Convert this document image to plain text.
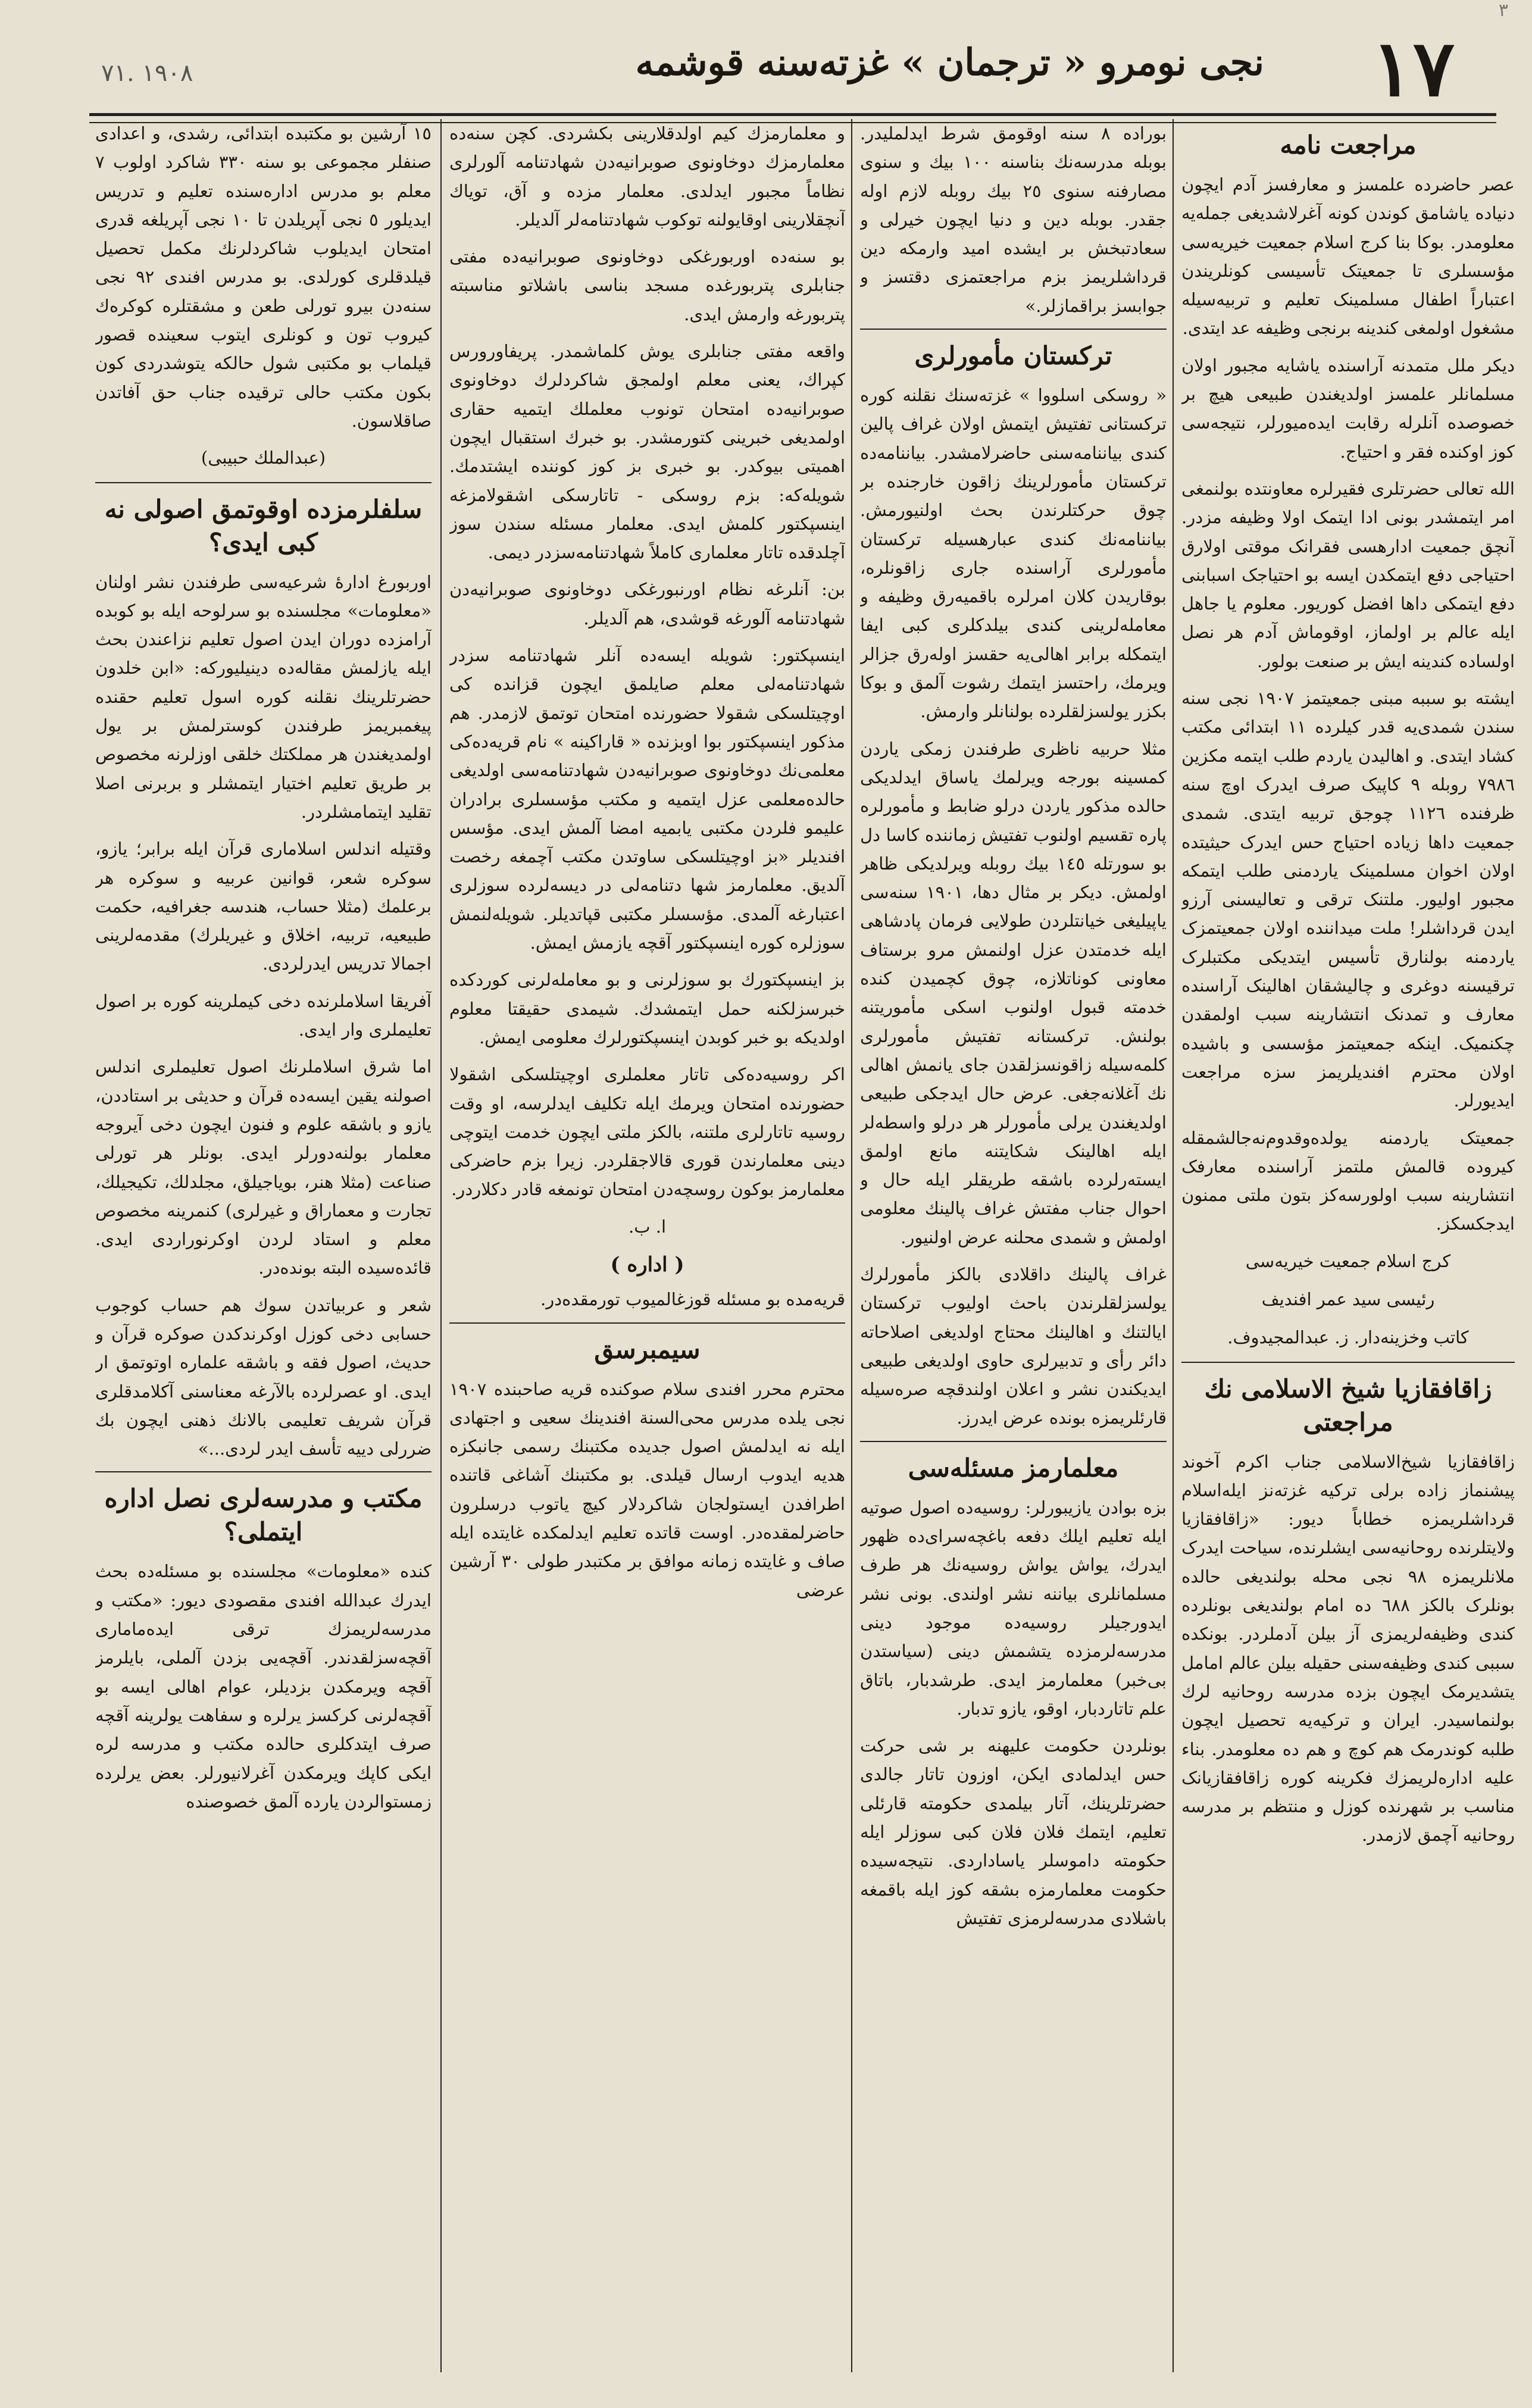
١٧
نجی نومرو « ترجمان » غزته‌سنه قوشمه
١٩٠٨ .٧١
٣
مراجعت نامه

عصر حاضرده علمسز و معارفسز آدم ایچون دنیاده یاشامق کوندن کونه آغرلاشدیغی جمله‌یه معلومدر. بوکا بنا کرج اسلام جمعیت خیریه‌سی مؤسسلری تا جمعیتک تأسیسی کونلریندن اعتباراً اطفال مسلمینک تعلیم و تربیه‌سیله مشغول اولمغی کندینه برنجی وظیفه عد ایتدی.

دیکر ملل متمدنه آراسنده یاشایه مجبور اولان مسلمانلر علمسز اولدیغندن طبیعی هیچ بر خصوصده آنلرله رقابت ایده‌میورلر، نتیجه‌سی کوز اوکنده فقر و احتیاج.

الله تعالی حضرتلری فقیرلره معاونتده بولنمغی امر ایتمشدر بونی ادا ایتمک اولا وظیفه مزدر. آنچق جمعیت ادارهسی فقرانک موقتی اولارق احتیاجی دفع ایتمکدن ایسه بو احتیاجک اسبابنی دفع ایتمکی داها افضل کوریور. معلوم یا جاهل ایله عالم بر اولماز، اوقوماش آدم هر نصل اولساده کندینه ایش بر صنعت بولور.

ایشته بو سببه مبنی جمعیتمز ١٩٠٧ نجی سنه سندن شمدی‌یه قدر کیلرده ١١ ابتدائی مکتب کشاد ایتدی. و اهالیدن یاردم طلب ایتمه مکزین ٧٩٨٦ روبله ٩ کاپیک صرف ایدرک اوچ سنه ظرفنده ١١٢٦ چوجق تربیه ایتدی. شمدی جمعیت داها زیاده احتیاج حس ایدرک حیثیتده اولان اخوان مسلمینک یاردمنی طلب ایتمکه مجبور اولیور. ملتنک ترقی و تعالیسنی آرزو ایدن قرداشلر! ملت میداننده اولان جمعیتمزک یاردمنه بولنارق تأسیس ایتدیکی مکتبلرک ترقیسنه دوغری و چالیشقان اهالینک آراسنده معارف و تمدنک انتشارینه سبب اولمقدن چکنمیک. اینکه جمعیتمز مؤسسی و باشیده اولان محترم افندیلریمز سزه مراجعت ایدیورلر.

جمعیتک یاردمنه یولده‌وقدوم‌نه‌جالشمقله کیروده قالمش ملتمز آراسنده معارفک انتشارینه سبب اولورسه‌کز بتون ملتی ممنون ایدجکسکز.

کرج اسلام جمعیت خیریه‌سی
رئیسی سید عمر افندیف
کاتب وخزینه‌دار. ز. عبدالمجیدوف.
زاقافقازیا شیخ الاسلامی نك مراجعتی

زاقافقازیا شیخ‌الاسلامی جناب اکرم آخوند پیشنماز زاده برلی ترکیه غزته‌نز ایله‌اسلام قرداشلریمزه خطاباً دیور: «زاقافقازیا ولایتلرنده روحانیه‌سی ایشلرنده، سیاحت ایدرک ملانلریمزه ٩٨ نجی محله بولندیغی حالده بونلرک بالکز ٦٨٨ ده امام بولندیغی بونلرده کندی وظیفه‌لریمزی آز بیلن آدملردر. بونکده سببی کندی وظیفه‌سنی حقیله بیلن عالم امامل یتشدیرمک ایچون بزده مدرسه روحانیه لرك بولنماسیدر. ایران و ترکیه‌یه تحصیل ایچون طلبه کوندرمک هم کوچ و هم ده معلومدر. بناء علیه اداره‌لریمزك فکرینه کوره زاقافقازیانک مناسب بر شهرنده کوزل و منتظم بر مدرسه روحانیه آچمق لازمدر.

بورادە ٨ سنه اوقومق شرط ایدلمليدر. بوبله مدرسه‌نك بناسنه ١٠٠ بیك و سنوی مصارفنه سنوی ٢٥ بیك روبله لازم اوله جقدر. بوبله دین و دنیا ایچون خیرلی و سعادتبخش بر ایشده امید وارمکه دین قرداشلریمز بزم مراجعتمزی دقتسز و جوابسز براقمازلر.»

ترکستان مأمورلری

« روسکی اسلووا » غزته‌سنك نقلنه کوره ترکستانی تفتیش ایتمش اولان غراف پالین کندی بیاننامه‌سنی حاضرلامشدر. بیاننامه‌ده ترکستان مأمورلرینك زاقون خارجنده بر چوق حرکتلرندن بحث اولنیورمش. بیاننامه‌نك کندی عبارهسیله ترکستان مأمورلری آراسنده جاری زاقونلره، بوقاریدن کلان امرلره باقمیه‌رق وظیفه و معامله‌لرینی کندی بیلدکلری کبی ایفا ایتمکله برابر اهالی‌یه حقسز اولەرق جزالر ویرمك، راحتسز ایتمك رشوت آلمق و بوکا بکزر یولسزلقلرده بولنانلر وارمش.

مثلا حربیه ناظری طرفندن زمکی یاردن کمسینه بورجه ویرلمك یاساق ایدلدیکی حالده مذکور یاردن درلو ضابط و مأمورلره پاره تقسیم اولنوب تفتیش زماننده کاسا دل بو سورتله ١٤٥ بیك روبله ویرلدیکی ظاهر اولمش. دیکر بر مثال دها، ١٩٠١ سنه‌سی یاپیلیغی خیانتلردن طولایی فرمان پادشاهی ایله خدمتدن عزل اولنمش مرو برستاف معاونی کوناتلازه، چوق کچمیدن کنده خدمته قبول اولنوب اسکی مأموریتنه بولنش. ترکستانه تفتیش مأمورلری کلمه‌سیله زاقونسزلقدن جای یانمش اهالی نك آغلانه‌جغی. عرض حال ایدجکی طبیعی اولدیغندن یرلی مأمورلر هر درلو واسطه‌لر ایله اهالینک شکایتنه مانع اولمق ایسته‌رلرده باشقه طریقلر ایله حال و احوال جناب مفتش غراف پالینك معلومی اولمش و شمدی محلنه عرض اولنیور.

غراف پالینك داقلادی بالکز مأمورلرك یولسزلقلرندن باحث اولیوب ترکستان ایالتنك و اهالینك محتاج اولدیغی اصلاحاته دائر رأی و تدبیرلری حاوی اولدیغی طبیعی ایدیکندن نشر و اعلان اولندقچه صره‌سیله قارئلریمزه بونده عرض ایدرز.

معلمارمز مسئله‌سی

بزه بوادن یازیبورلر: روسیه‌ده اصول صوتیه ایله تعلیم ایلك دفعه باغچه‌سرای‌ده ظهور ایدرك، یواش یواش روسیه‌نك هر طرف مسلمانلری بیاننه نشر اولندی. بونی نشر ایدورجیلر روسیه‌ده موجود دینی مدرسه‌لرمزده یتشمش دینی (سیاستدن بی‌خبر) معلمارمز ایدی. طرشدبار، باتاق علم تاتاردبار، اوقو، یازو تدبار.

بونلردن حکومت علیهنه بر شی حرکت حس ایدلمادی ایکن، اوزون تاتار جالدی حضرتلرینك، آتار بیلمدی حکومته قارئلی تعلیم، ایتمك فلان فلان کبی سوزلر ایله حکومته داموسلر یاساداردی. نتیجه‌سیده حکومت معلمارمزه بشقه کوز ایله باقمغه باشلادی مدرسه‌لرمزی تفتیش

و معلمارمزك کیم اولدقلارینی بکشردی. کچن سنه‌ده معلمارمزك دوخاونوی صوبرانیه‌دن شهادتنامه آلورلری نظاماً مجبور ایدلدی. معلمار مزده و آق، تویاك آنچقلارینی اوقایولنه توکوب شهادتنامه‌لر آلدیلر.

بو سنه‌ده اوربورغکی دوخاونوی صوبرانیه‌ده مفتی جنابلری پتربورغده مسجد بناسی باشلاتو مناسبته پتربورغه وارمش ایدی.

واقعه مفتی جنابلری یوش کلماشمدر. پریفاورورس کپراك، یعنی معلم اولمجق شاکردلرك دوخاونوی صوبرانیه‌ده امتحان تونوب معلملك ایتمیه حقاری اولمدیغی خبرینی کتورمشدر. بو خبرك استقبال ایچون اهمیتی بیوکدر. بو خبری بز کوز کوننده ایشتدمك. شویله‌که: بزم روسکی - تاتارسکی اشقولامزغه اینسپکتور کلمش ایدی. معلمار مسئله سندن سوز آچلدقده تاتار معلماری کاملاً شهادتنامه‌سزدر دیمی.

بن: آنلرغه نظام اورنبورغکی دوخاونوی صوبرانیه‌دن شهادتنامه آلورغه قوشدی، هم آلدیلر.

اینسپکتور: شویله ایسه‌ده آنلر شهادتنامه سزدر شهادتنامه‌لی معلم صایلمق ایچون قزانده کی اوچیتلسکی شقولا حضورنده امتحان توتمق لازمدر. هم مذکور اینسپکتور بوا اوبزنده « قاراکینه » نام قریه‌ده‌کی معلمی‌نك دوخاونوی صوبرانیه‌دن شهادتنامه‌سی اولدیغی حالده‌معلمی عزل ایتمیه و مکتب مؤسسلری برادران علیمو فلردن مکتبی یابمیه امضا آلمش ایدی. مؤسس افندیلر «بز اوچیتلسکی ساوتدن مکتب آچمغه رخصت آلدیق. معلمارمز شها دتنامه‌لی در دیسه‌لرده سوزلری اعتبارغه آلمدی. مؤسسلر مکتبی قپاتدیلر. شویله‌لنمش سوزلره کوره اینسپکتور آقچه یازمش ایمش.

بز اینسپکتورك بو سوزلرنی و بو معامله‌لرنی کوردکده خبرسزلکنه حمل ایتمشدك. شیمدی حقیقتا معلوم اولدیکه بو خبر کوبدن اینسپکتورلرك معلومی ایمش.

اکر روسیه‌ده‌کی تاتار معلملری اوچیتلسکی اشقولا حضورنده امتحان ویرمك ایله تکلیف ایدلرسه، او وقت روسیه تاتارلری ملتنه، بالکز ملتی ایچون خدمت ایتوچی دینی معلمارندن قوری قالاجقلردر. زیرا بزم حاضرکی معلمارمز بوکون روسچه‌دن امتحان تونمغه قادر دکلاردر.

ا. ب.
( اداره )

قریه‌مده بو مسئله قوزغالمیوب تورمقده‌در.

سیمبرسق

محترم محرر افندی سلام صوکنده قریه صاحبنده ١٩٠٧ نجی یلده مدرس محی‌السنة افندینك سعیی و اجتهادی ایله نه ایدلمش اصول جدیده مکتبنك رسمی جانبکزه هدیه ایدوب ارسال قیلدی. بو مکتبنك آشاغی قاتنده اطرافدن ایستولجان شاکردلار کیچ یاتوب درسلرون حاضرلمقده‌در. اوست قاتده تعلیم ایدلمکده غایتده ایله صاف و غایتده زمانه موافق بر مکتبدر طولی ٣٠ آرشین عرضی

١٥ آرشین بو مکتبده ابتدائی، رشدی، و اعدادی صنفلر مجموعی بو سنه ٣٣٠ شاکرد اولوب ٧ معلم بو مدرس ادارەسنده تعلیم و تدریس ایدیلور ٥ نجی آپریلدن تا ١٠ نجی آپریلغه قدری امتحان ایدیلوب شاکردلرنك مکمل تحصیل قیلدقلری کورلدی. بو مدرس افندی ٩٢ نجی سنه‌دن بیرو تورلی طعن و مشقتلره کوکرەك کیروب تون و کونلری ایتوب سعینده قصور قیلماب بو مکتبی شول حالکه یتوشدردی کون بکون مکتب حالی ترقیده جناب حق آفاتدن صاقلاسون.

(عبدالملك حبیبی)
سلفلرمزده اوقوتمق اصولی نه کبی ایدی؟

اوربورغ ادارهٔ شرعیه‌سی طرفندن نشر اولنان «معلومات» مجلسنده بو سرلوحه ایله بو کوبده آرامزده دوران ایدن اصول تعلیم نزاعندن بحث ایله یازلمش مقاله‌ده دینیلیورکه: «ابن خلدون حضرتلرینك نقلنه کوره اسول تعلیم حقنده پیغمبریمز طرفندن کوسترلمش بر یول اولمدیغندن هر مملکتك خلقی اوزلرنه مخصوص بر طریق تعلیم اختیار ایتمشلر و بربرنی اصلا تقلید ایتمامشلردر.

وقتیله اندلس اسلاماری قرآن ایله برابر؛ یازو، سوکره شعر، قوانین عربیه و سوکره هر برعلمك (مثلا حساب، هندسه جغرافیه، حکمت طبیعیه، تربیه، اخلاق و غیریلرك) مقدمه‌لرینی اجمالا تدریس ایدرلردی.

آفریقا اسلاملرنده دخی کیملرینه کوره بر اصول تعلیملری وار ایدی.

اما شرق اسلاملرنك اصول تعلیملری اندلس اصولنه یقین ایسه‌ده قرآن و حدیثی بر استاددن، یازو و باشقه علوم و فنون ایچون دخی آیروجه معلمار بولنه‌دورلر ایدی. بونلر هر تورلی صناعت (مثلا هنر، بویاجیلق، مجلدلك، تکیجیلك، تجارت و معماراق و غیرلری) کنمرینه مخصوص معلم و استاد لردن اوکرنوراردی ایدی. قائده‌سیده البته بونده‌در.

شعر و عربیاتدن سوك هم حساب کوجوب حسابی دخی کوزل اوکرندکدن صوکره قرآن و حدیث، اصول فقه و باشقه علماره اوتوتمق ار ایدی. او عصرلرده بالآرغه معناسنی آکلامدقلری قرآن شریف تعلیمی بالانك ذهنی ایچون بك ضررلی دییه تأسف ایدر لردی...»

مکتب و مدرسه‌لری نصل اداره ایتملی؟

کنده «معلومات» مجلسنده بو مسئله‌ده بحث ایدرك عبدالله افندی مقصودی دیور: «مکتب و مدرسه‌لریمزك ترقی ایده‌ماماری آقچه‌سزلقدندر. آقچه‌یی بزدن آلملی، بایلرمز آقچه ویرمکدن بزدیلر، عوام اهالی ایسه بو آقچه‌لرنی کرکسز یرلره و سفاهت یولرینه آقچه صرف ایتدکلری حالده مکتب و مدرسه لره ایکی کاپك ویرمکدن آغرلانیورلر. بعض یرلرده زمستوالردن یارده آلمق خصوصنده
